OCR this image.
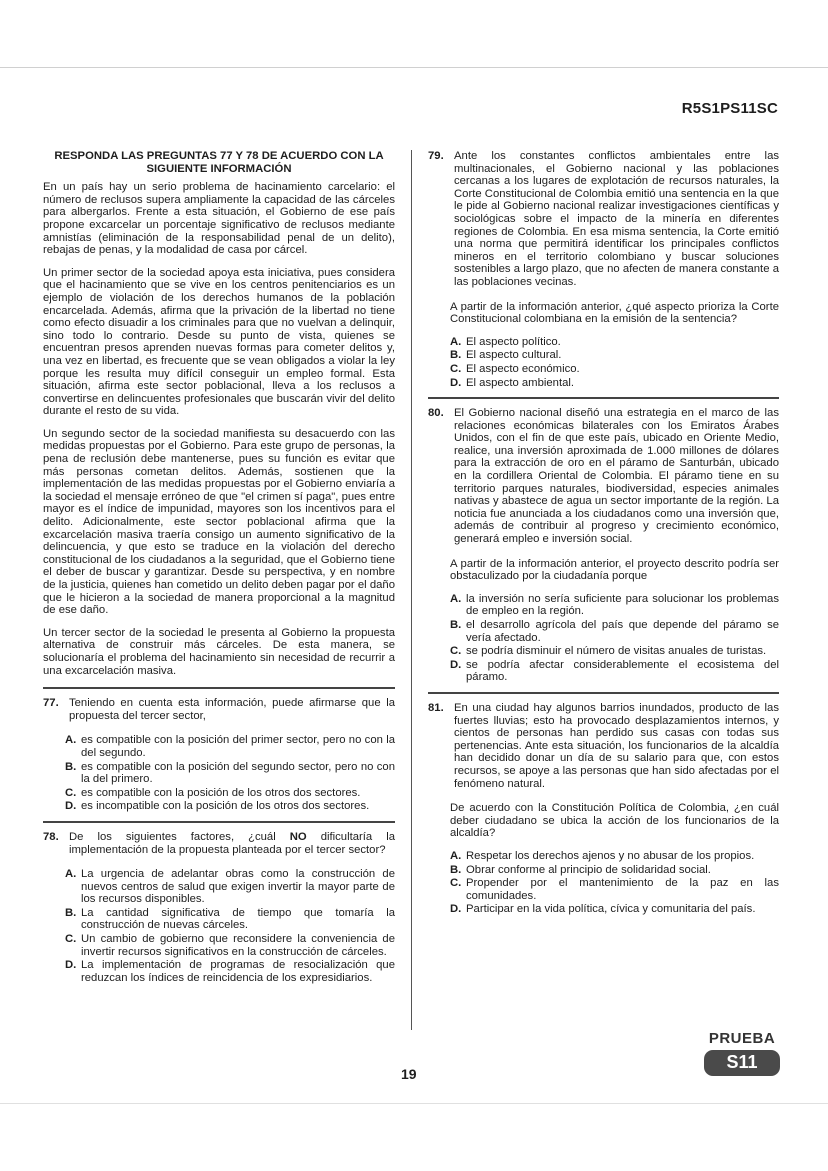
R5S1PS11SC
RESPONDA LAS PREGUNTAS 77 Y 78 DE ACUERDO CON LA SIGUIENTE INFORMACIÓN

En un país hay un serio problema de hacinamiento carcelario: el número de reclusos supera ampliamente la capacidad de las cárceles para albergarlos. Frente a esta situación, el Gobierno de ese país propone excarcelar un porcentaje significativo de reclusos mediante amnistías (eliminación de la responsabilidad penal de un delito), rebajas de penas, y la modalidad de casa por cárcel.

Un primer sector de la sociedad apoya esta iniciativa, pues considera que el hacinamiento que se vive en los centros penitenciarios es un ejemplo de violación de los derechos humanos de la población encarcelada. Además, afirma que la privación de la libertad no tiene como efecto disuadir a los criminales para que no vuelvan a delinquir, sino todo lo contrario. Desde su punto de vista, quienes se encuentran presos aprenden nuevas formas para cometer delitos y, una vez en libertad, es frecuente que se vean obligados a violar la ley porque les resulta muy difícil conseguir un empleo formal. Esta situación, afirma este sector poblacional, lleva a los reclusos a convertirse en delincuentes profesionales que buscarán vivir del delito durante el resto de su vida.

Un segundo sector de la sociedad manifiesta su desacuerdo con las medidas propuestas por el Gobierno. Para este grupo de personas, la pena de reclusión debe mantenerse, pues su función es evitar que más personas cometan delitos. Además, sostienen que la implementación de las medidas propuestas por el Gobierno enviaría a la sociedad el mensaje erróneo de que "el crimen sí paga", pues entre mayor es el índice de impunidad, mayores son los incentivos para el delito. Adicionalmente, este sector poblacional afirma que la excarcelación masiva traería consigo un aumento significativo de la delincuencia, y que esto se traduce en la violación del derecho constitucional de los ciudadanos a la seguridad, que el Gobierno tiene el deber de buscar y garantizar. Desde su perspectiva, y en nombre de la justicia, quienes han cometido un delito deben pagar por el daño que le hicieron a la sociedad de manera proporcional a la magnitud de ese daño.

Un tercer sector de la sociedad le presenta al Gobierno la propuesta alternativa de construir más cárceles. De esta manera, se solucionaría el problema del hacinamiento sin necesidad de recurrir a una excarcelación masiva.

77. Teniendo en cuenta esta información, puede afirmarse que la propuesta del tercer sector,
A. es compatible con la posición del primer sector, pero no con la del segundo.
B. es compatible con la posición del segundo sector, pero no con la del primero.
C. es compatible con la posición de los otros dos sectores.
D. es incompatible con la posición de los otros dos sectores.
78. De los siguientes factores, ¿cuál NO dificultaría la implementación de la propuesta planteada por el tercer sector?
A. La urgencia de adelantar obras como la construcción de nuevos centros de salud que exigen invertir la mayor parte de los recursos disponibles.
B. La cantidad significativa de tiempo que tomaría la construcción de nuevas cárceles.
C. Un cambio de gobierno que reconsidere la conveniencia de invertir recursos significativos en la construcción de cárceles.
D. La implementación de programas de resocialización que reduzcan los índices de reincidencia de los expresidiarios.
79. Ante los constantes conflictos ambientales entre las multinacionales, el Gobierno nacional y las poblaciones cercanas a los lugares de explotación de recursos naturales, la Corte Constitucional de Colombia emitió una sentencia en la que le pide al Gobierno nacional realizar investigaciones científicas y sociológicas sobre el impacto de la minería en diferentes regiones de Colombia. En esa misma sentencia, la Corte emitió una norma que permitirá identificar los principales conflictos mineros en el territorio colombiano y buscar soluciones sostenibles a largo plazo, que no afecten de manera constante a las poblaciones vecinas.

A partir de la información anterior, ¿qué aspecto prioriza la Corte Constitucional colombiana en la emisión de la sentencia?

A. El aspecto político.
B. El aspecto cultural.
C. El aspecto económico.
D. El aspecto ambiental.
80. El Gobierno nacional diseñó una estrategia en el marco de las relaciones económicas bilaterales con los Emiratos Árabes Unidos, con el fin de que este país, ubicado en Oriente Medio, realice, una inversión aproximada de 1.000 millones de dólares para la extracción de oro en el páramo de Santurbán, ubicado en la cordillera Oriental de Colombia. El páramo tiene en su territorio parques naturales, biodiversidad, especies animales nativas y abastece de agua un sector importante de la región. La noticia fue anunciada a los ciudadanos como una inversión que, además de contribuir al progreso y crecimiento económico, generará empleo e inversión social.

A partir de la información anterior, el proyecto descrito podría ser obstaculizado por la ciudadanía porque

A. la inversión no sería suficiente para solucionar los problemas de empleo en la región.
B. el desarrollo agrícola del país que depende del páramo se vería afectado.
C. se podría disminuir el número de visitas anuales de turistas.
D. se podría afectar considerablemente el ecosistema del páramo.
81. En una ciudad hay algunos barrios inundados, producto de las fuertes lluvias; esto ha provocado desplazamientos internos, y cientos de personas han perdido sus casas con todas sus pertenencias. Ante esta situación, los funcionarios de la alcaldía han decidido donar un día de su salario para que, con estos recursos, se apoye a las personas que han sido afectadas por el fenómeno natural.

De acuerdo con la Constitución Política de Colombia, ¿en cuál deber ciudadano se ubica la acción de los funcionarios de la alcaldía?

A. Respetar los derechos ajenos y no abusar de los propios.
B. Obrar conforme al principio de solidaridad social.
C. Propender por el mantenimiento de la paz en las comunidades.
D. Participar en la vida política, cívica y comunitaria del país.
19
PRUEBA
S11
